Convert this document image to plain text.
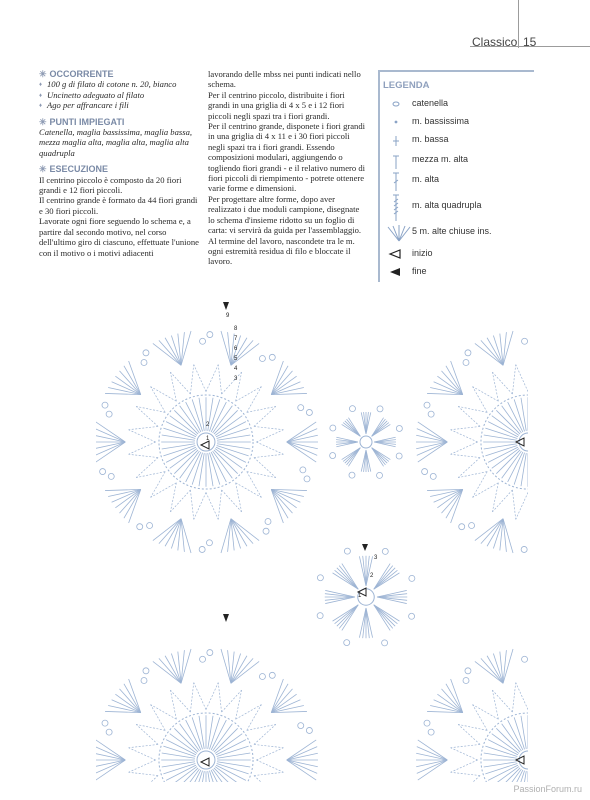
Classico 15
✳ OCCORRENTE
♦ 100 g di filato di cotone n. 20, bianco
♦ Uncinetto adeguato al filato
♦ Ago per affrancare i fili
✳ PUNTI IMPIEGATI

Catenella, maglia bassissima, maglia bassa, mezza maglia alta, maglia alta, maglia alta quadrupla

✳ ESECUZIONE

Il centrino piccolo è composto da 20 fiori grandi e 12 fiori piccoli.

Il centrino grande è formato da 44 fiori grandi e 30 fiori piccoli.

Lavorate ogni fiore seguendo lo schema e, a partire dal secondo motivo, nel corso dell'ultimo giro di ciascuno, effettuate l'unione con il motivo o i motivi adiacenti

lavorando delle mbss nei punti indicati nello schema.

Per il centrino piccolo, distribuite i fiori grandi in una griglia di 4 x 5 e i 12 fiori piccoli negli spazi tra i fiori grandi.

Per il centrino grande, disponete i fiori grandi in una griglia di 4 x 11 e i 30 fiori piccoli negli spazi tra i fiori grandi. Essendo composizioni modulari, aggiungendo o togliendo fiori grandi - e il relativo numero di fiori piccoli di riempimento - potrete ottenere varie forme e dimensioni.

Per progettare altre forme, dopo aver realizzato i due moduli campione, disegnate lo schema d'insieme ridotto su un foglio di carta: vi servirà da guida per l'assemblaggio. Al termine del lavoro, nascondete tra le m. ogni estremità residua di filo e bloccate il lavoro.

LEGENDA
catenella
m. bassissima
m. bassa
mezza m. alta
m. alta
m. alta quadrupla
5 m. alte chiuse ins.
inizio
fine
1
2
3
4
5
6
7
8
9
1
2
3
PassionForum.ru
